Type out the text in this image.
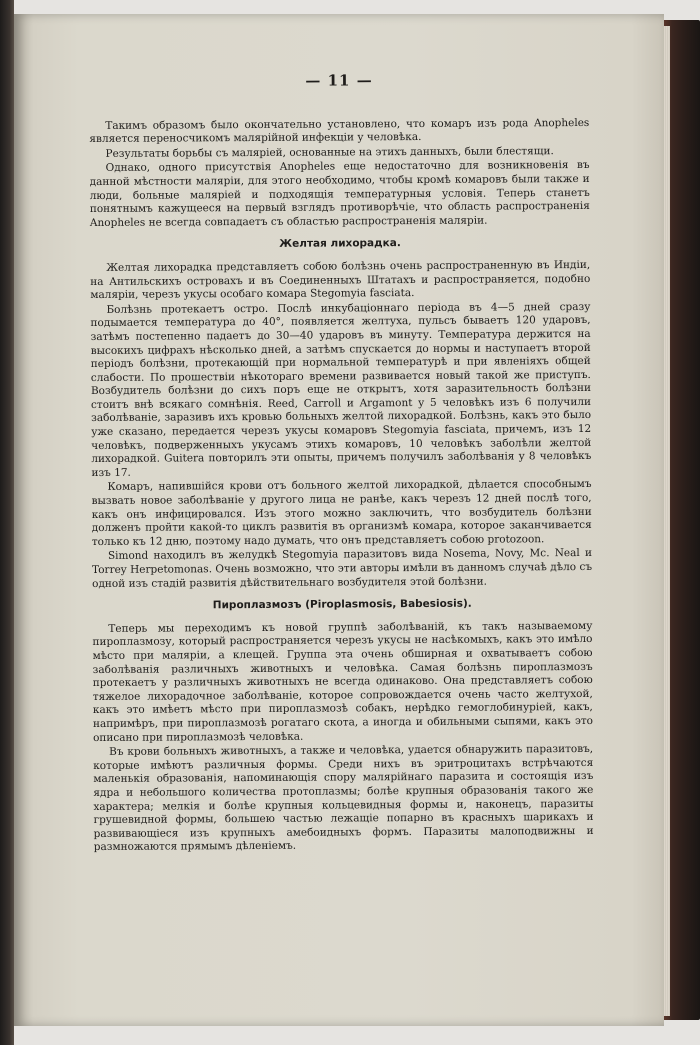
— 11 —

Такимъ образомъ было окончательно установлено, что комаръ изъ рода Anopheles является переносчикомъ малярійной инфекціи у человѣка.

Результаты борьбы съ малярiей, основанные на этихъ данныхъ, были блестящи.

Однако, одного присутствія Anopheles еще недостаточно для возникновенія въ данной мѣстности малярiи, для этого необходимо, чтобы кромѣ комаровъ были также и люди, больные малярiей и подходящія температурныя условія. Теперь станетъ понятнымъ кажущееся на первый взглядъ противорѣчіе, что область распространенія Anopheles не всегда совпадаетъ съ областью распространенія малярiи.

Желтая лихорадка.

Желтая лихорадка представляетъ собою болѣзнь очень распространенную въ Индiи, на Антильскихъ островахъ и въ Соединенныхъ Штатахъ и распространяется, подобно малярiи, черезъ укусы особаго комара Stegomyia fasciata.

Болѣзнь протекаетъ остро. Послѣ инкубаціоннаго періода въ 4—5 дней сразу подымается температура до 40°, появляется желтуха, пульсъ бываетъ 120 ударовъ, затѣмъ постепенно падаетъ до 30—40 ударовъ въ минуту. Температура держится на высокихъ цифрахъ нѣсколько дней, а затѣмъ спускается до нормы и наступаетъ второй періодъ болѣзни, протекающій при нормальной температурѣ и при явленiяхъ общей слабости. По прошествiи нѣкотораго времени развивается новый такой же приступъ. Возбудитель болѣзни до сихъ поръ еще не открытъ, хотя заразительность болѣзни стоитъ внѣ всякаго сомнѣнія. Reed, Carroll и Argamont у 5 человѣкъ изъ 6 получили заболѣванiе, заразивъ ихъ кровью больныхъ желтой лихорадкой. Болѣзнь, какъ это было уже сказано, передается черезъ укусы комаровъ Stegomyia fasciata, причемъ, изъ 12 человѣкъ, подверженныхъ укусамъ этихъ комаровъ, 10 человѣкъ заболѣли желтой лихорадкой. Guitera повторилъ эти опыты, причемъ получилъ заболѣванія у 8 человѣкъ изъ 17.

Комаръ, напившійся крови отъ больного желтой лихорадкой, дѣлается способнымъ вызвать новое заболѣванiе у другого лица не ранѣе, какъ черезъ 12 дней послѣ того, какъ онъ инфицировался. Изъ этого можно заключить, что возбудитель болѣзни долженъ пройти какой-то циклъ развитія въ организмѣ комара, которое заканчивается только къ 12 дню, поэтому надо думать, что онъ представляетъ собою protozoon.

Simond находилъ въ желудкѣ Stegomyia паразитовъ вида Nosema, Novy, Mc. Neal и Torrey Herpetomonas. Очень возможно, что эти авторы имѣли въ данномъ случаѣ дѣло съ одной изъ стадiй развитія дѣйствительнаго возбудителя этой болѣзни.

Пироплазмозъ (Piroplasmosis, Babesiosis).

Теперь мы переходимъ къ новой группѣ заболѣваній, къ такъ называемому пироплазмозу, который распространяется черезъ укусы не насѣкомыхъ, какъ это имѣло мѣсто при малярiи, а клещей. Группа эта очень обширная и охватываетъ собою заболѣванія различныхъ животныхъ и человѣка. Самая болѣзнь пироплазмозъ протекаетъ у различныхъ животныхъ не всегда одинаково. Она представляетъ собою тяжелое лихорадочное заболѣванiе, которое сопровождается очень часто желтухой, какъ это имѣетъ мѣсто при пироплазмозѣ собакъ, нерѣдко гемоглобинурiей, какъ, напримѣръ, при пироплазмозѣ рогатаго скота, а иногда и обильными сыпями, какъ это описано при пироплазмозѣ человѣка.

Въ крови больныхъ животныхъ, а также и человѣка, удается обнаружить паразитовъ, которые имѣютъ различныя формы. Среди нихъ въ эритроцитахъ встрѣчаются маленькія образованія, напоминающія спору малярiйнаго паразита и состоящія изъ ядра и небольшого количества протоплазмы; болѣе крупныя образованія такого же характера; мелкія и болѣе крупныя кольцевидныя формы и, наконецъ, паразиты грушевидной формы, большею частью лежащіе попарно въ красныхъ шарикахъ и развивающіеся изъ крупныхъ амебоидныхъ формъ. Паразиты малоподвижны и размножаются прямымъ дѣленiемъ.
